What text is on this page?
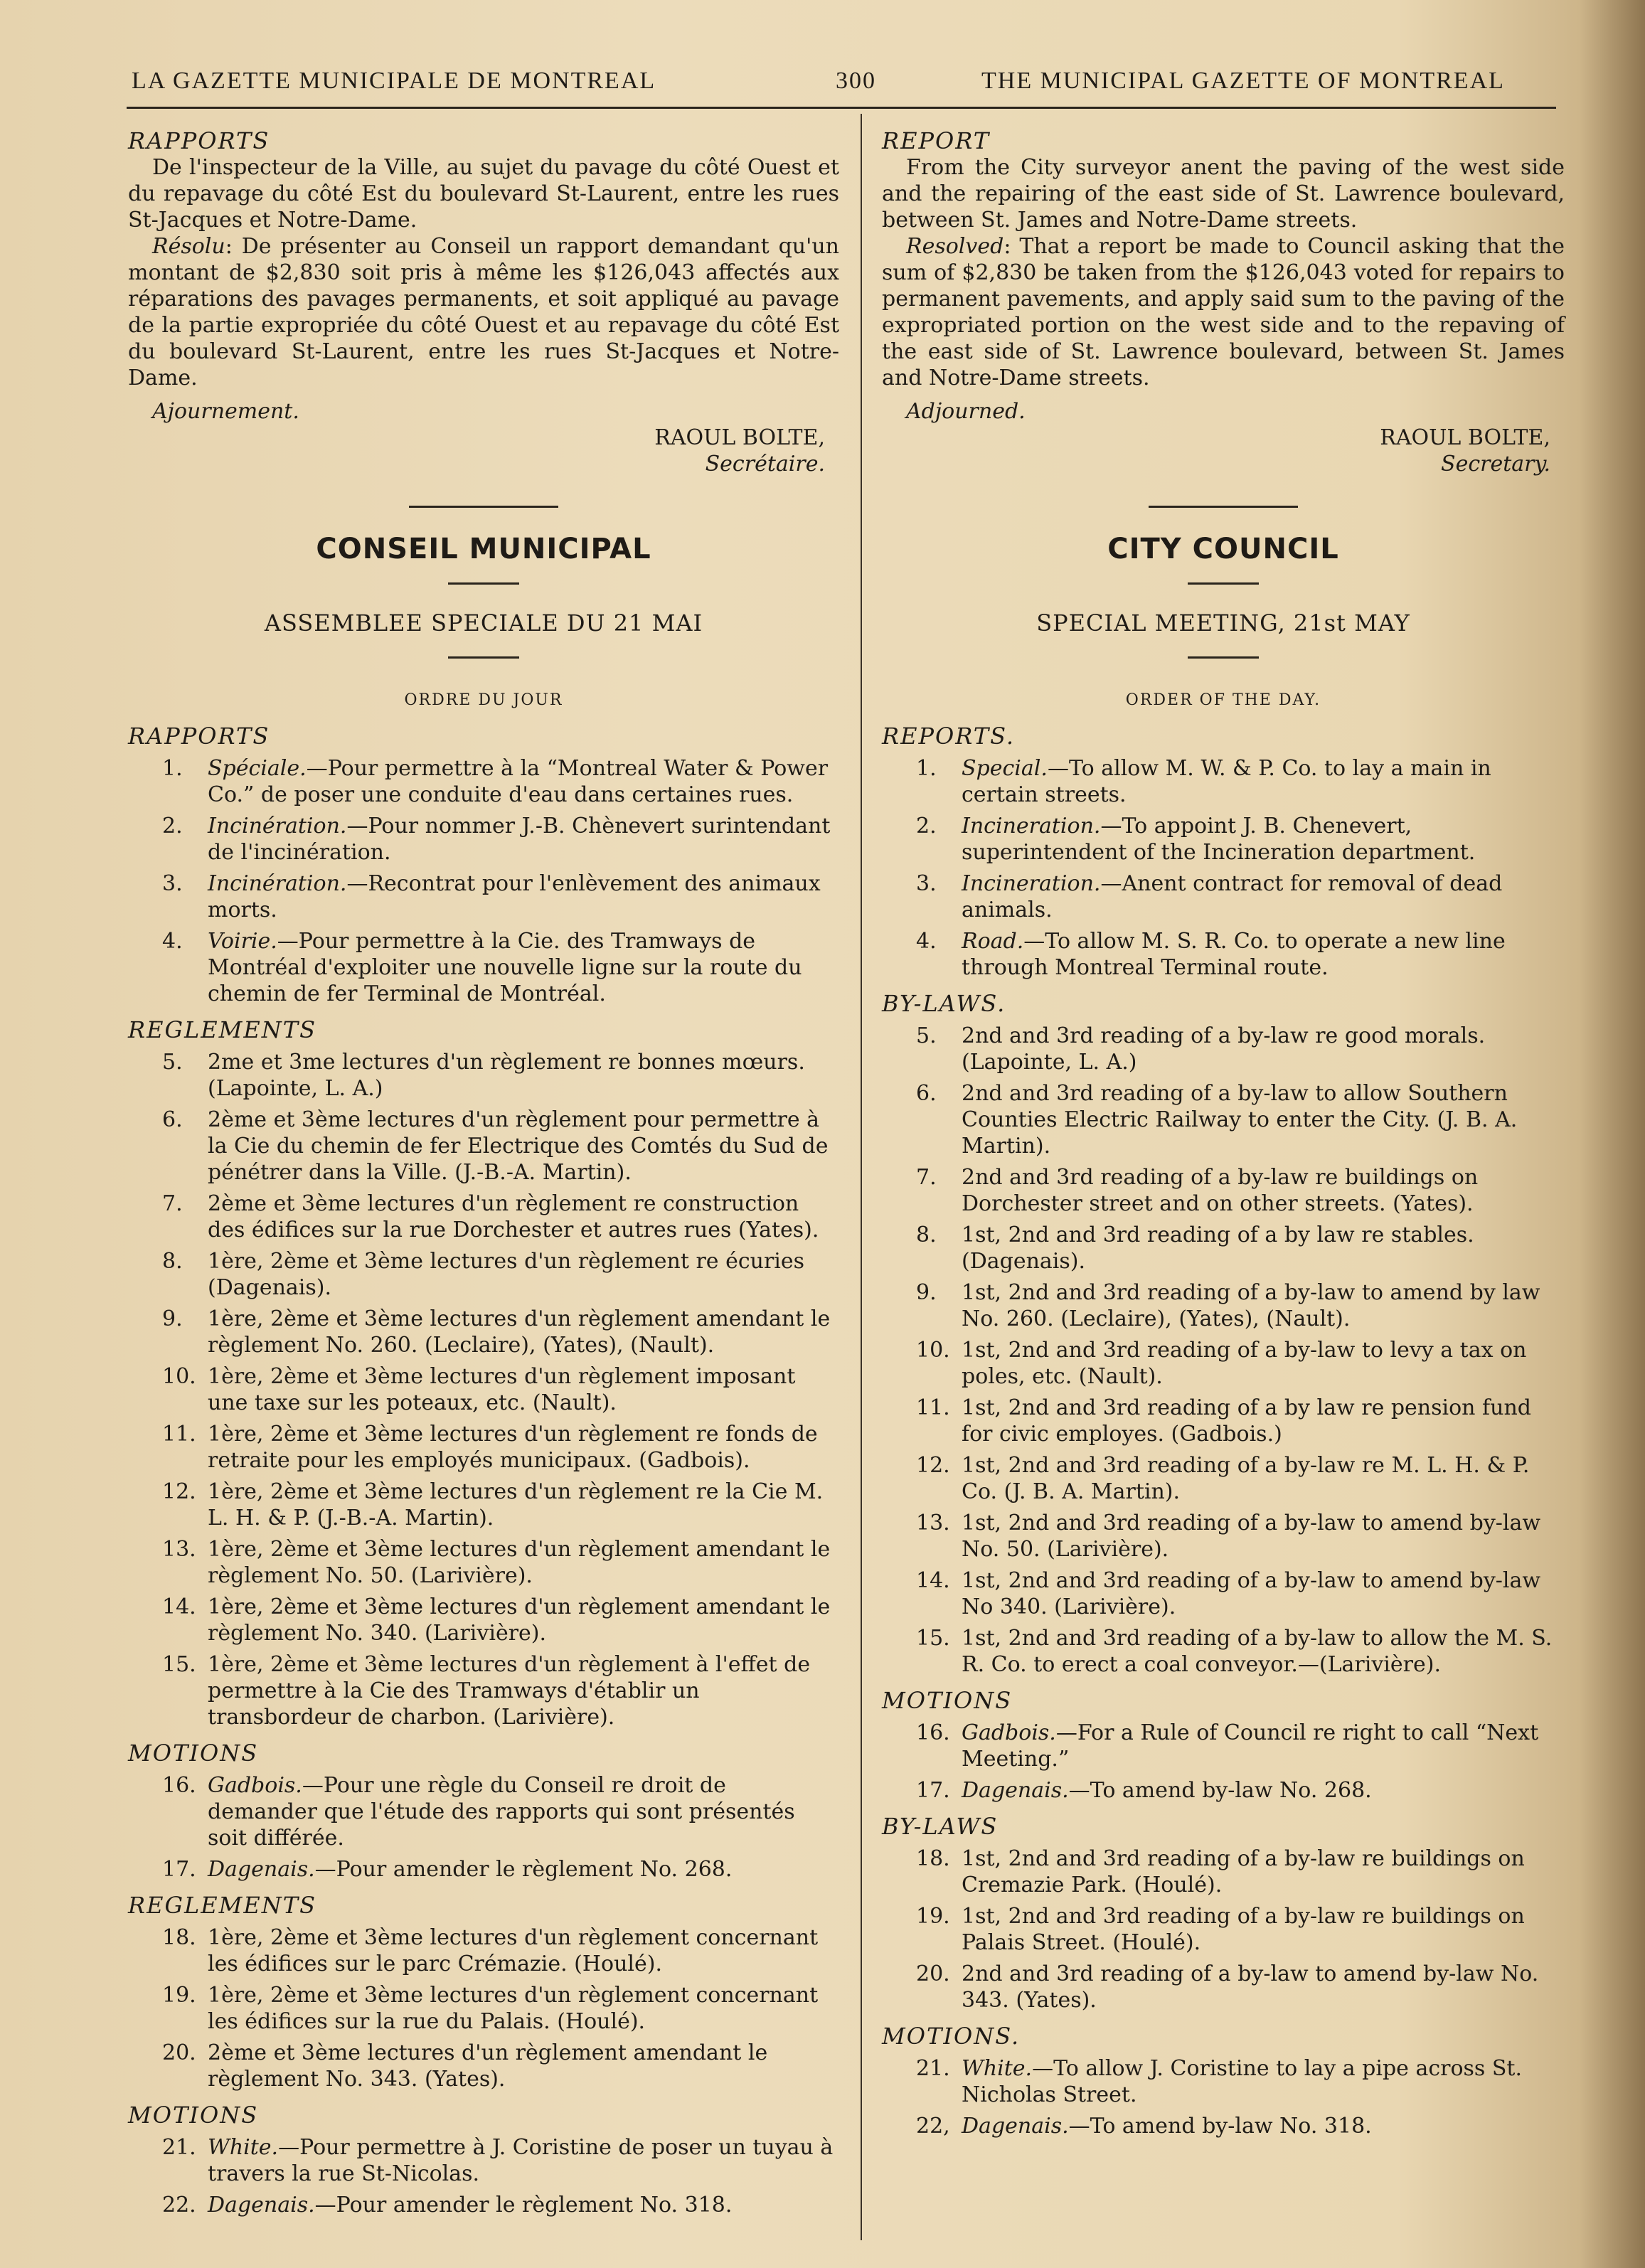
LA GAZETTE MUNICIPALE DE MONTREAL	300	THE MUNICIPAL GAZETTE OF MONTREAL

RAPPORTS

De l'inspecteur de la Ville, au sujet du pavage du côté Ouest et du repavage du côté Est du boulevard St-Laurent, entre les rues St-Jacques et Notre-Dame.

Résolu: De présenter au Conseil un rapport demandant qu'un montant de $2,830 soit pris à même les $126,043 affectés aux réparations des pavages permanents, et soit appliqué au pavage de la partie expropriée du côté Ouest et au repavage du côté Est du boulevard St-Laurent, entre les rues St-Jacques et Notre-Dame.

Ajournement.

RAOUL BOLTE,

Secrétaire.

CONSEIL MUNICIPAL
ASSEMBLEE SPECIALE DU 21 MAI
ORDRE DU JOUR

RAPPORTS

1. Spéciale.—Pour permettre à la “Montreal Water & Power Co.” de poser une conduite d'eau dans certaines rues.
2. Incinération.—Pour nommer J.-B. Chènevert surintendant de l'incinération.
3. Incinération.—Recontrat pour l'enlèvement des animaux morts.
4. Voirie.—Pour permettre à la Cie. des Tramways de Montréal d'exploiter une nouvelle ligne sur la route du chemin de fer Terminal de Montréal.

REGLEMENTS

5. 2me et 3me lectures d'un règlement re bonnes mœurs. (Lapointe, L. A.)
6. 2ème et 3ème lectures d'un règlement pour permettre à la Cie du chemin de fer Electrique des Comtés du Sud de pénétrer dans la Ville. (J.-B.-A. Martin).
7. 2ème et 3ème lectures d'un règlement re construction des édifices sur la rue Dorchester et autres rues (Yates).
8. 1ère, 2ème et 3ème lectures d'un règlement re écuries (Dagenais).
9. 1ère, 2ème et 3ème lectures d'un règlement amendant le règlement No. 260. (Leclaire), (Yates), (Nault).
10. 1ère, 2ème et 3ème lectures d'un règlement imposant une taxe sur les poteaux, etc. (Nault).
11. 1ère, 2ème et 3ème lectures d'un règlement re fonds de retraite pour les employés municipaux. (Gadbois).
12. 1ère, 2ème et 3ème lectures d'un règlement re la Cie M. L. H. & P. (J.-B.-A. Martin).
13. 1ère, 2ème et 3ème lectures d'un règlement amendant le règlement No. 50. (Larivière).
14. 1ère, 2ème et 3ème lectures d'un règlement amendant le règlement No. 340. (Larivière).
15. 1ère, 2ème et 3ème lectures d'un règlement à l'effet de permettre à la Cie des Tramways d'établir un transbordeur de charbon. (Larivière).

MOTIONS

16. Gadbois.—Pour une règle du Conseil re droit de demander que l'étude des rapports qui sont présentés soit différée.
17. Dagenais.—Pour amender le règlement No. 268.

REGLEMENTS

18. 1ère, 2ème et 3ème lectures d'un règlement concernant les édifices sur le parc Crémazie. (Houlé).
19. 1ère, 2ème et 3ème lectures d'un règlement concernant les édifices sur la rue du Palais. (Houlé).
20. 2ème et 3ème lectures d'un règlement amendant le règlement No. 343. (Yates).

MOTIONS

21. White.—Pour permettre à J. Coristine de poser un tuyau à travers la rue St-Nicolas.
22. Dagenais.—Pour amender le règlement No. 318.

REPORT

From the City surveyor anent the paving of the west side and the repairing of the east side of St. Lawrence boulevard, between St. James and Notre-Dame streets.

Resolved: That a report be made to Council asking that the sum of $2,830 be taken from the $126,043 voted for repairs to permanent pavements, and apply said sum to the paving of the expropriated portion on the west side and to the repaving of the east side of St. Lawrence boulevard, between St. James and Notre-Dame streets.

Adjourned.

RAOUL BOLTE,

Secretary.

CITY COUNCIL
SPECIAL MEETING, 21st MAY
ORDER OF THE DAY.

REPORTS.

1. Special.—To allow M. W. & P. Co. to lay a main in certain streets.
2. Incineration.—To appoint J. B. Chenevert, superintendent of the Incineration department.
3. Incineration.—Anent contract for removal of dead animals.
4. Road.—To allow M. S. R. Co. to operate a new line through Montreal Terminal route.

BY-LAWS.

5. 2nd and 3rd reading of a by-law re good morals. (Lapointe, L. A.)
6. 2nd and 3rd reading of a by-law to allow Southern Counties Electric Railway to enter the City. (J. B. A. Martin).
7. 2nd and 3rd reading of a by-law re buildings on Dorchester street and on other streets. (Yates).
8. 1st, 2nd and 3rd reading of a by law re stables. (Dagenais).
9. 1st, 2nd and 3rd reading of a by-law to amend by law No. 260. (Leclaire), (Yates), (Nault).
10. 1st, 2nd and 3rd reading of a by-law to levy a tax on poles, etc. (Nault).
11. 1st, 2nd and 3rd reading of a by law re pension fund for civic employes. (Gadbois.)
12. 1st, 2nd and 3rd reading of a by-law re M. L. H. & P. Co. (J. B. A. Martin).
13. 1st, 2nd and 3rd reading of a by-law to amend by-law No. 50. (Larivière).
14. 1st, 2nd and 3rd reading of a by-law to amend by-law No 340. (Larivière).
15. 1st, 2nd and 3rd reading of a by-law to allow the M. S. R. Co. to erect a coal conveyor.—(Larivière).

MOTIONS

16. Gadbois.—For a Rule of Council re right to call “Next Meeting.”
17. Dagenais.—To amend by-law No. 268.

BY-LAWS

18. 1st, 2nd and 3rd reading of a by-law re buildings on Cremazie Park. (Houlé).
19. 1st, 2nd and 3rd reading of a by-law re buildings on Palais Street. (Houlé).
20. 2nd and 3rd reading of a by-law to amend by-law No. 343. (Yates).

MOTIONS.

21. White.—To allow J. Coristine to lay a pipe across St. Nicholas Street.
22, Dagenais.—To amend by-law No. 318.
